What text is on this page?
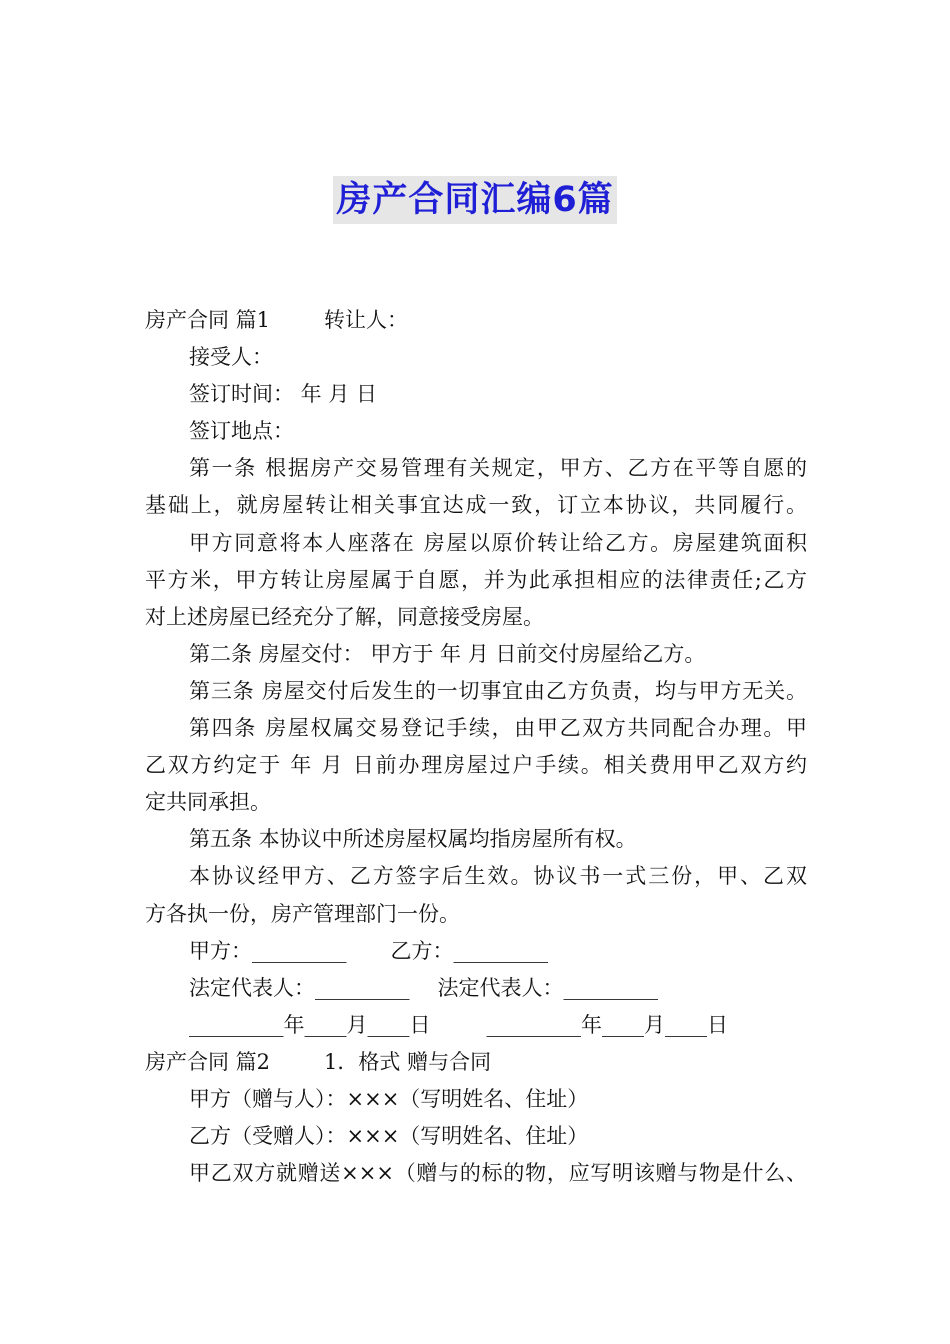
房产合同汇编6篇
房产合同 篇1	转让人：
接受人：
签订时间： 年 月 日
签订地点：
第一条 根据房产交易管理有关规定，甲方、乙方在平等自愿的
基础上，就房屋转让相关事宜达成一致，订立本协议，共同履行。
甲方同意将本人座落在 房屋以原价转让给乙方。房屋建筑面积
平方米，甲方转让房屋属于自愿，并为此承担相应的法律责任;乙方
对上述房屋已经充分了解，同意接受房屋。
第二条 房屋交付： 甲方于 年 月 日前交付房屋给乙方。
第三条 房屋交付后发生的一切事宜由乙方负责，均与甲方无关。
第四条 房屋权属交易登记手续，由甲乙双方共同配合办理。甲
乙双方约定于 年 月 日前办理房屋过户手续。相关费用甲乙双方约
定共同承担。
第五条 本协议中所述房屋权属均指房屋所有权。
本协议经甲方、乙方签字后生效。协议书一式三份，甲、乙双
方各执一份，房产管理部门一份。
甲方：_________ 乙方：_________
法定代表人：_________ 法定代表人：_________
_________年____月____日	_________年____月____日
房产合同 篇2	1．格式 赠与合同
甲方（赠与人）：×××（写明姓名、住址）
乙方（受赠人）：×××（写明姓名、住址）
甲乙双方就赠送×××（赠与的标的物，应写明该赠与物是什么、
